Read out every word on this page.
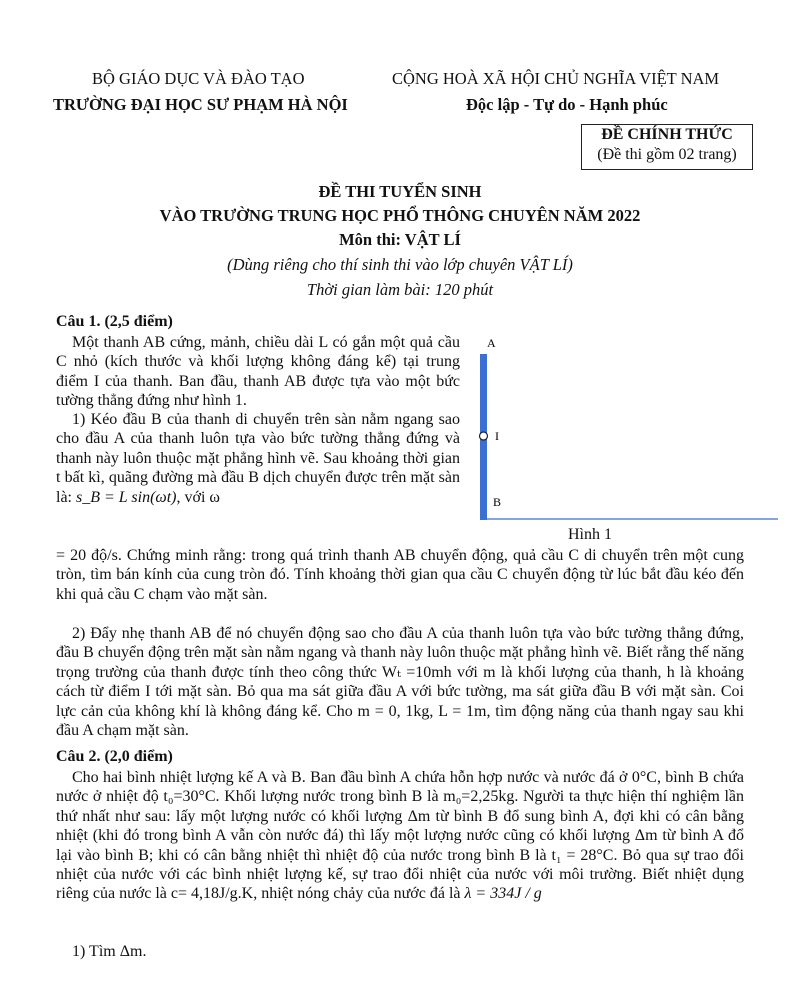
BỘ GIÁO DỤC VÀ ĐÀO TẠO
TRƯỜNG ĐẠI HỌC SƯ PHẠM HÀ NỘI
CỘNG HOÀ XÃ HỘI CHỦ NGHĨA VIỆT NAM
Độc lập - Tự do - Hạnh phúc
ĐỀ CHÍNH THỨC
(Đề thi gồm 02 trang)
ĐỀ THI TUYỂN SINH
VÀO TRƯỜNG TRUNG HỌC PHỔ THÔNG CHUYÊN NĂM 2022
Môn thi: VẬT LÍ
(Dùng riêng cho thí sinh thi vào lớp chuyên VẬT LÍ)
Thời gian làm bài: 120 phút
Câu 1. (2,5 điểm)
Một thanh AB cứng, mảnh, chiều dài L có gắn một quả cầu C nhỏ (kích thước và khối lượng không đáng kể) tại trung điểm I của thanh. Ban đầu, thanh AB được tựa vào một bức tường thẳng đứng như hình 1.
1) Kéo đầu B của thanh di chuyển trên sàn nằm ngang sao cho đầu A của thanh luôn tựa vào bức tường thẳng đứng và thanh này luôn thuộc mặt phẳng hình vẽ. Sau khoảng thời gian t bất kì, quãng đường mà đầu B dịch chuyển được trên mặt sàn là: s_B = L sin(ωt), với ω
= 20 độ/s. Chứng minh rằng: trong quá trình thanh AB chuyển động, quả cầu C di chuyển trên một cung tròn, tìm bán kính của cung tròn đó. Tính khoảng thời gian qua cầu C chuyển động từ lúc bắt đầu kéo đến khi quả cầu C chạm vào mặt sàn.
2) Đẩy nhẹ thanh AB để nó chuyển động sao cho đầu A của thanh luôn tựa vào bức tường thẳng đứng, đầu B chuyển động trên mặt sàn nằm ngang và thanh này luôn thuộc mặt phẳng hình vẽ. Biết rằng thế năng trọng trường của thanh được tính theo công thức Wₜ =10mh với m là khối lượng của thanh, h là khoảng cách từ điểm I tới mặt sàn. Bỏ qua ma sát giữa đầu A với bức tường, ma sát giữa đầu B với mặt sàn. Coi lực cản của không khí là không đáng kể. Cho m = 0, 1kg, L = 1m, tìm động năng của thanh ngay sau khi đầu A chạm mặt sàn.
A
I
B
Hình 1
Câu 2. (2,0 điểm)
Cho hai bình nhiệt lượng kế A và B. Ban đầu bình A chứa hỗn hợp nước và nước đá ở 0°C, bình B chứa nước ở nhiệt độ t₀=30°C. Khối lượng nước trong bình B là m₀=2,25kg. Người ta thực hiện thí nghiệm lần thứ nhất như sau: lấy một lượng nước có khối lượng Δm từ bình B đổ sung bình A, đợi khi có cân bằng nhiệt (khi đó trong bình A vẫn còn nước đá) thì lấy một lượng nước cũng có khối lượng Δm từ bình A đổ lại vào bình B; khi có cân bằng nhiệt thì nhiệt độ của nước trong bình B là t₁ = 28°C. Bỏ qua sự trao đổi nhiệt của nước với các bình nhiệt lượng kế, sự trao đổi nhiệt của nước với môi trường. Biết nhiệt dụng riêng của nước là c= 4,18J/g.K, nhiệt nóng chảy của nước đá là λ = 334J / g
1) Tìm Δm.
